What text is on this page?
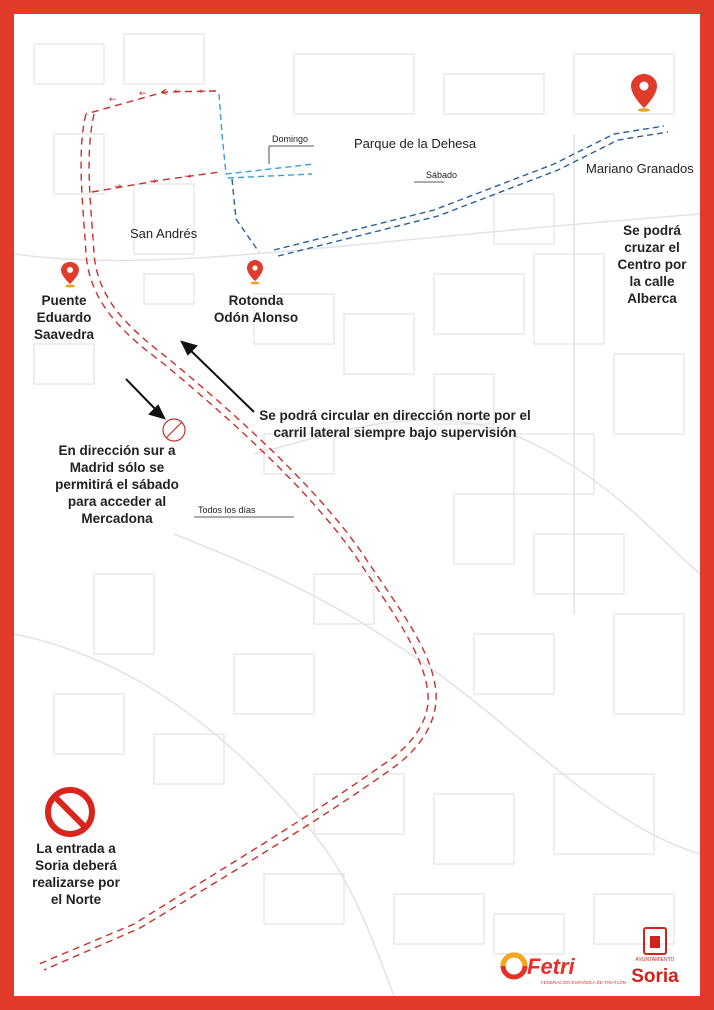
←
←	← ←
→	→	→
Fetri
FEDERACIÓN ESPAÑOLA DE TRIATLÓN
AYUNTAMIENTO
Soria
Parque de la Dehesa
Mariano Granados
San Andrés
Domingo
Sábado
Todos los días
Puente Eduardo Saavedra
Rotonda Odón Alonso
Se podrá cruzar el Centro por la calle Alberca
Se podrá circular en dirección norte por el carril lateral siempre bajo supervisión
En dirección sur a Madrid sólo se permitirá el sábado para acceder al Mercadona
La entrada a Soria deberá realizarse por el Norte
